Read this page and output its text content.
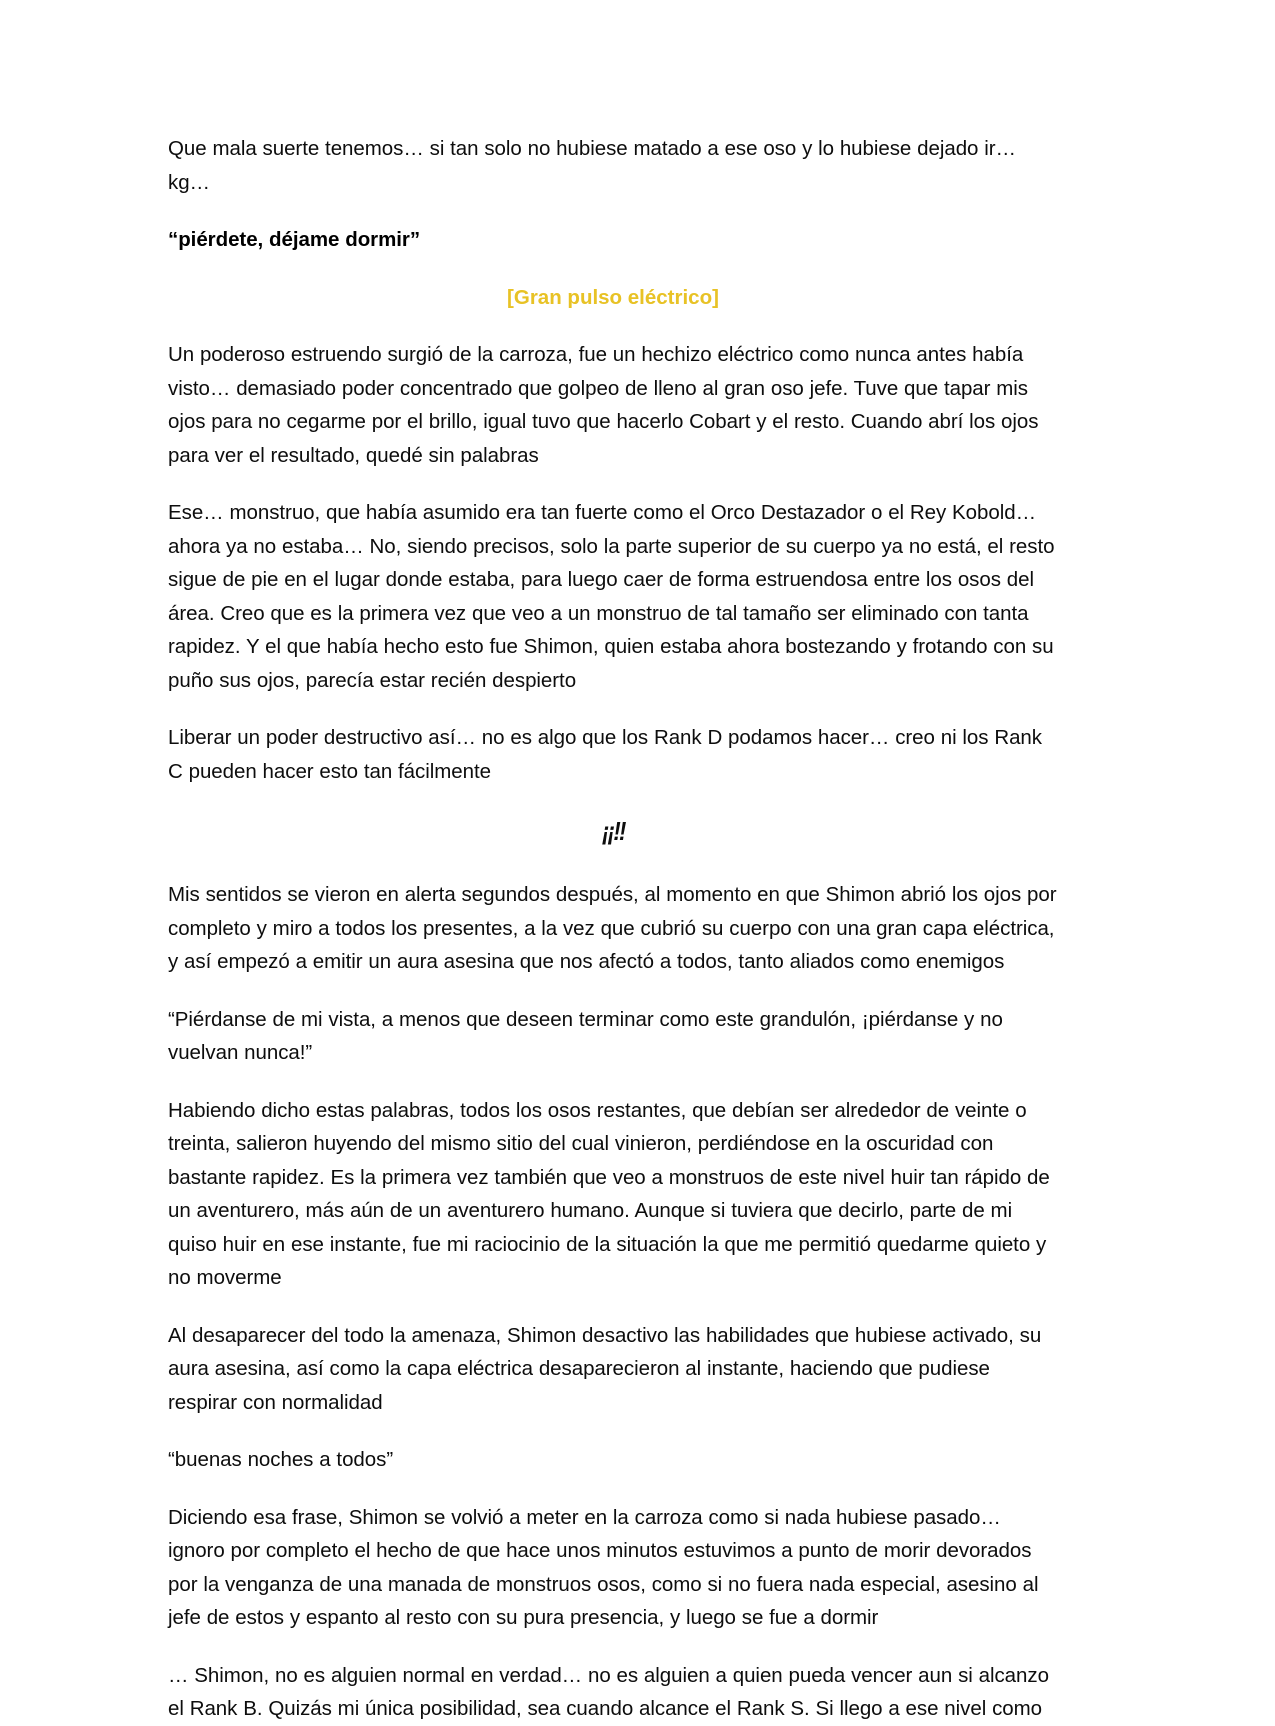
Que mala suerte tenemos… si tan solo no hubiese matado a ese oso y lo hubiese dejado ir… kg…

“piérdete, déjame dormir”

[Gran pulso eléctrico]

Un poderoso estruendo surgió de la carroza, fue un hechizo eléctrico como nunca antes había visto… demasiado poder concentrado que golpeo de lleno al gran oso jefe. Tuve que tapar mis ojos para no cegarme por el brillo, igual tuvo que hacerlo Cobart y el resto. Cuando abrí los ojos para ver el resultado, quedé sin palabras

Ese… monstruo, que había asumido era tan fuerte como el Orco Destazador o el Rey Kobold… ahora ya no estaba… No, siendo precisos, solo la parte superior de su cuerpo ya no está, el resto sigue de pie en el lugar donde estaba, para luego caer de forma estruendosa entre los osos del área. Creo que es la primera vez que veo a un monstruo de tal tamaño ser eliminado con tanta rapidez. Y el que había hecho esto fue Shimon, quien estaba ahora bostezando y frotando con su puño sus ojos, parecía estar recién despierto

Liberar un poder destructivo así… no es algo que los Rank D podamos hacer… creo ni los Rank C pueden hacer esto tan fácilmente

¡¡!!

Mis sentidos se vieron en alerta segundos después, al momento en que Shimon abrió los ojos por completo y miro a todos los presentes, a la vez que cubrió su cuerpo con una gran capa eléctrica, y así empezó a emitir un aura asesina que nos afectó a todos, tanto aliados como enemigos

“Piérdanse de mi vista, a menos que deseen terminar como este grandulón, ¡piérdanse y no vuelvan nunca!”

Habiendo dicho estas palabras, todos los osos restantes, que debían ser alrededor de veinte o treinta, salieron huyendo del mismo sitio del cual vinieron, perdiéndose en la oscuridad con bastante rapidez. Es la primera vez también que veo a monstruos de este nivel huir tan rápido de un aventurero, más aún de un aventurero humano. Aunque si tuviera que decirlo, parte de mi quiso huir en ese instante, fue mi raciocinio de la situación la que me permitió quedarme quieto y no moverme

Al desaparecer del todo la amenaza, Shimon desactivo las habilidades que hubiese activado, su aura asesina, así como la capa eléctrica desaparecieron al instante, haciendo que pudiese respirar con normalidad

“buenas noches a todos”

Diciendo esa frase, Shimon se volvió a meter en la carroza como si nada hubiese pasado… ignoro por completo el hecho de que hace unos minutos estuvimos a punto de morir devorados por la venganza de una manada de monstruos osos, como si no fuera nada especial, asesino al jefe de estos y espanto al resto con su pura presencia, y luego se fue a dormir

… Shimon, no es alguien normal en verdad… no es alguien a quien pueda vencer aun si alcanzo el Rank B. Quizás mi única posibilidad, sea cuando alcance el Rank S. Si llego a ese nivel como
